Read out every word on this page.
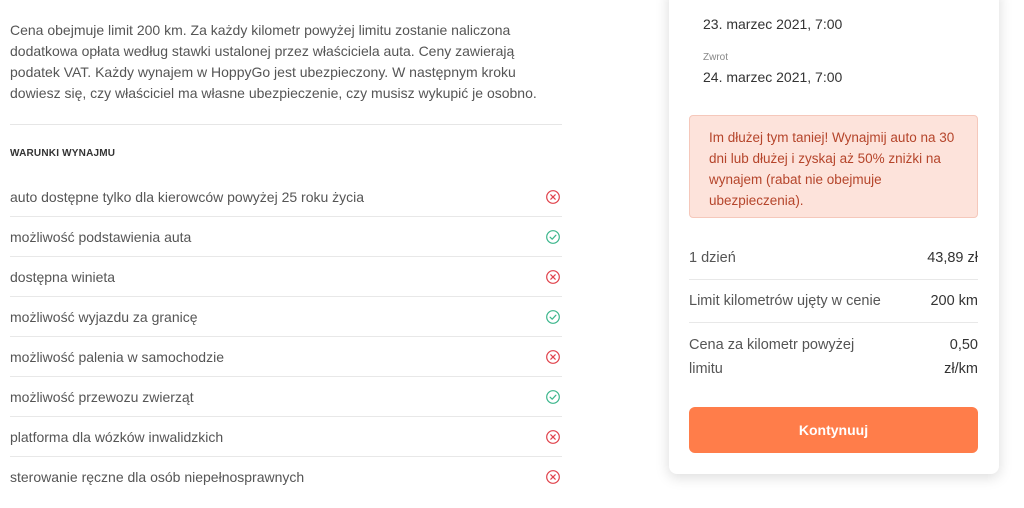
Cena obejmuje limit 200 km. Za każdy kilometr powyżej limitu zostanie naliczona dodatkowa opłata według stawki ustalonej przez właściciela auta. Ceny zawierają podatek VAT. Każdy wynajem w HoppyGo jest ubezpieczony. W następnym kroku dowiesz się, czy właściciel ma własne ubezpieczenie, czy musisz wykupić je osobno.
WARUNKI WYNAJMU
auto dostępne tylko dla kierowców powyżej 25 roku życia
możliwość podstawienia auta
dostępna winieta
możliwość wyjazdu za granicę
możliwość palenia w samochodzie
możliwość przewozu zwierząt
platforma dla wózków inwalidzkich
sterowanie ręczne dla osób niepełnosprawnych
23. marzec 2021, 7:00
Zwrot
24. marzec 2021, 7:00
Im dłużej tym taniej! Wynajmij auto na 30 dni lub dłużej i zyskaj aż 50% zniżki na wynajem (rabat nie obejmuje ubezpieczenia).
1 dzień	43,89 zł
Limit kilometrów ujęty w cenie	200 km
Cena za kilometr powyżej limitu
0,50 zł/km
Kontynuuj
